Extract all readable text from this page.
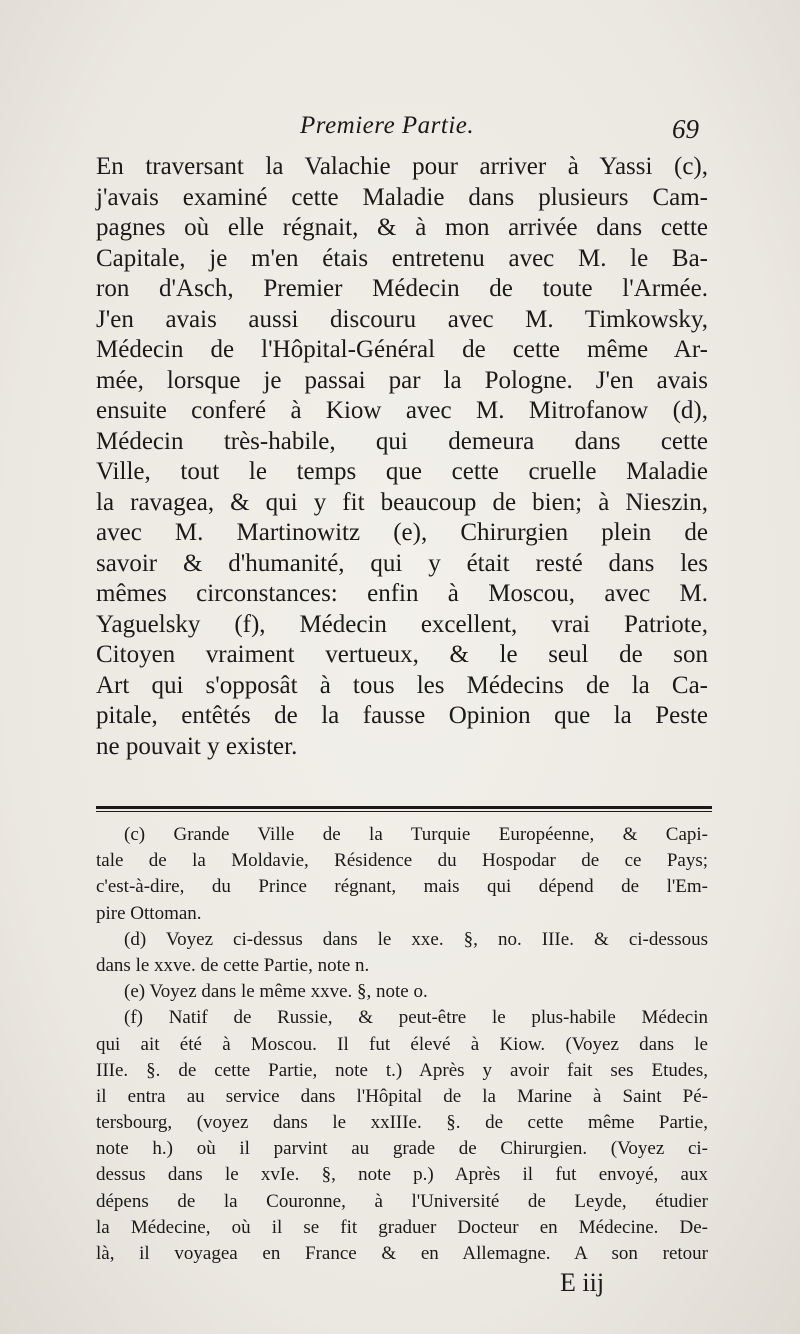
Premiere Partie.	69
En traversant la Valachie pour arriver à Yassi (c),
j'avais examiné cette Maladie dans plusieurs Cam-
pagnes où elle régnait, & à mon arrivée dans cette
Capitale, je m'en étais entretenu avec M. le Ba-
ron d'Asch, Premier Médecin de toute l'Armée.
J'en avais aussi discouru avec M. Timkowsky,
Médecin de l'Hôpital-Général de cette même Ar-
mée, lorsque je passai par la Pologne. J'en avais
ensuite conferé à Kiow avec M. Mitrofanow (d),
Médecin très-habile, qui demeura dans cette
Ville, tout le temps que cette cruelle Maladie
la ravagea, & qui y fit beaucoup de bien; à Nieszin,
avec M. Martinowitz (e), Chirurgien plein de
savoir & d'humanité, qui y était resté dans les
mêmes circonstances: enfin à Moscou, avec M.
Yaguelsky (f), Médecin excellent, vrai Patriote,
Citoyen vraiment vertueux, & le seul de son
Art qui s'opposât à tous les Médecins de la Ca-
pitale, entêtés de la fausse Opinion que la Peste
ne pouvait y exister.
(c) Grande Ville de la Turquie Européenne, & Capi-
tale de la Moldavie, Résidence du Hospodar de ce Pays;
c'est-à-dire, du Prince régnant, mais qui dépend de l'Em-
pire Ottoman.
(d) Voyez ci-dessus dans le xxe. §, no. IIIe. & ci-dessous
dans le xxve. de cette Partie, note n.
(e) Voyez dans le même xxve. §, note o.
(f) Natif de Russie, & peut-être le plus-habile Médecin
qui ait été à Moscou. Il fut élevé à Kiow. (Voyez dans le
IIIe. §. de cette Partie, note t.) Après y avoir fait ses Etudes,
il entra au service dans l'Hôpital de la Marine à Saint Pé-
tersbourg, (voyez dans le xxIIIe. §. de cette même Partie,
note h.) où il parvint au grade de Chirurgien. (Voyez ci-
dessus dans le xvIe. §, note p.) Après il fut envoyé, aux
dépens de la Couronne, à l'Université de Leyde, étudier
la Médecine, où il se fit graduer Docteur en Médecine. De-
là, il voyagea en France & en Allemagne. A son retour
E iij
